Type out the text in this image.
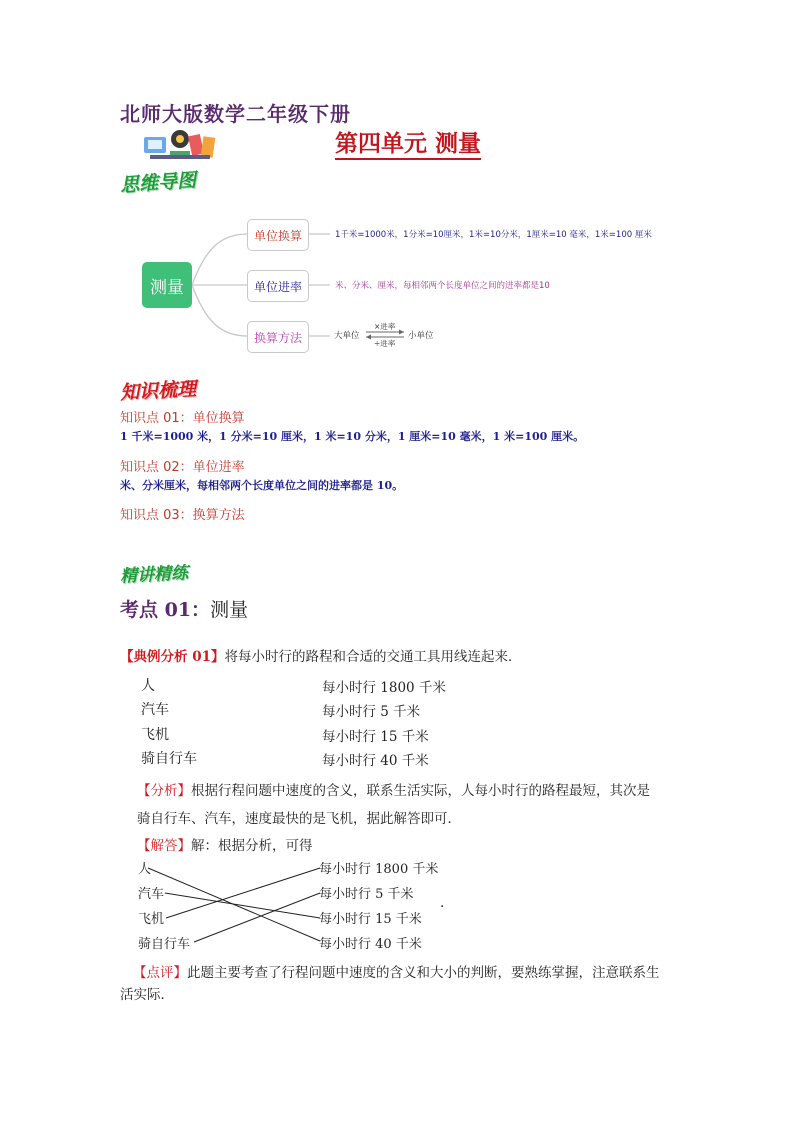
北师大版数学二年级下册
第四单元 测量
思维导图
测量
单位换算
单位进率
换算方法
1千米=1000米，1分米=10厘米，1米=10分米，1厘米=10 毫米，1米=100 厘米
米、分米、厘米，每相邻两个长度单位之间的进率都是10
大单位
×进率
÷进率
小单位
知识梳理
知识点 01：单位换算
1 千米=1000 米，1 分米=10 厘米，1 米=10 分米，1 厘米=10 毫米，1 米=100 厘米。
知识点 02：单位进率
米、分米厘米，每相邻两个长度单位之间的进率都是 10。
知识点 03：换算方法
精讲精练
考点 01：测量
【典例分析 01】将每小时行的路程和合适的交通工具用线连起来．
人
汽车
飞机
骑自行车
每小时行 1800 千米
每小时行 5 千米
每小时行 15 千米
每小时行 40 千米
【分析】根据行程问题中速度的含义，联系生活实际，人每小时行的路程最短，其次是
骑自行车、汽车，速度最快的是飞机，据此解答即可．
【解答】解：根据分析，可得
人
汽车
飞机
骑自行车
每小时行 1800 千米
每小时行 5 千米
每小时行 15 千米
每小时行 40 千米
.
【点评】此题主要考查了行程问题中速度的含义和大小的判断，要熟练掌握，注意联系生
活实际．
